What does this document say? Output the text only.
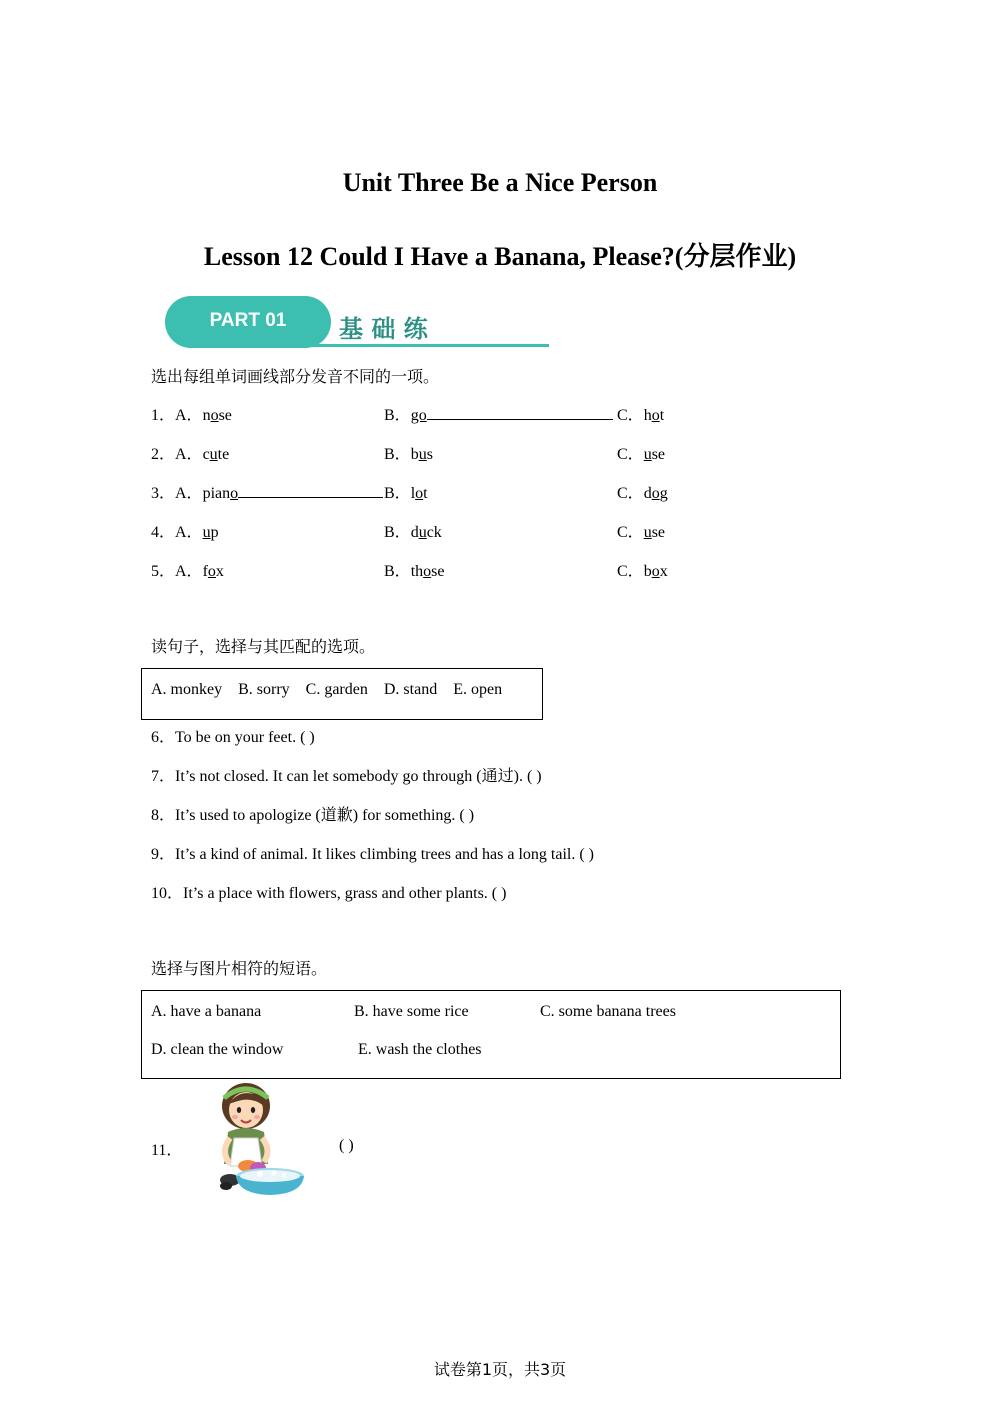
Unit Three Be a Nice Person
Lesson 12 Could I Have a Banana, Please?(分层作业)
PART 01	基 础 练
选出每组单词画线部分发音不同的一项。
1．A．nose	B．go	C．hot
2．A．cute	B．bus	C．use
3．A．piano	B．lot	C．dog
4．A．up	B．duck	C．use
5．A．fox	B．those	C．box
读句子，选择与其匹配的选项。
A. monkey    B. sorry    C. garden    D. stand    E. open
6．To be on your feet. ( )
7．It’s not closed. It can let somebody go through (通过). ( )
8．It’s used to apologize (道歉) for something. ( )
9．It’s a kind of animal. It likes climbing trees and has a long tail. ( )
10．It’s a place with flowers, grass and other plants. ( )
选择与图片相符的短语。
A. have a banana	B. have some rice	C. some banana trees
D. clean the window	E. wash the clothes
11．	( )
试卷第1页，共3页
